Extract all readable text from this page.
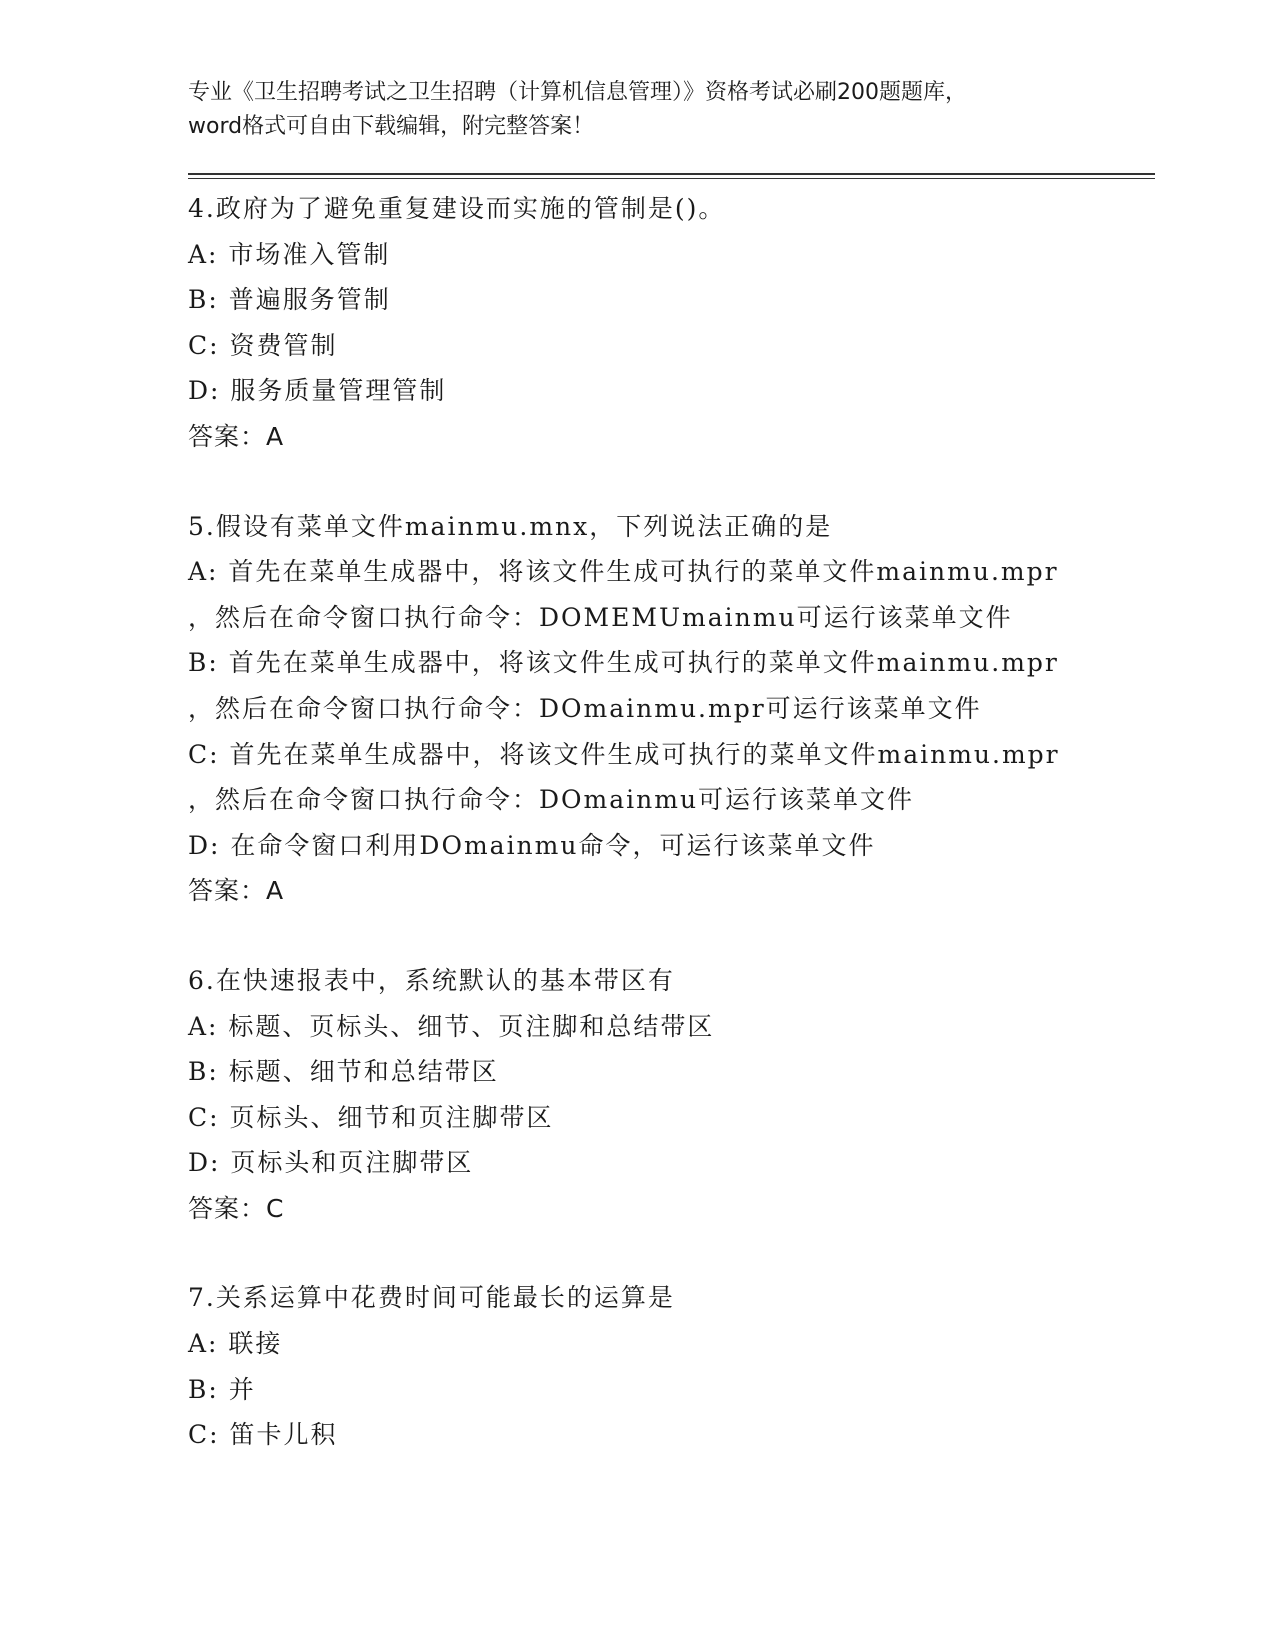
专业《卫生招聘考试之卫生招聘（计算机信息管理）》资格考试必刷200题题库，
word格式可自由下载编辑，附完整答案！
4.政府为了避免重复建设而实施的管制是()。
A: 市场准入管制
B: 普遍服务管制
C: 资费管制
D: 服务质量管理管制
答案：A
5.假设有菜单文件mainmu.mnx，下列说法正确的是
A: 首先在菜单生成器中，将该文件生成可执行的菜单文件mainmu.mpr
，然后在命令窗口执行命令：DOMEMUmainmu可运行该菜单文件
B: 首先在菜单生成器中，将该文件生成可执行的菜单文件mainmu.mpr
，然后在命令窗口执行命令：DOmainmu.mpr可运行该菜单文件
C: 首先在菜单生成器中，将该文件生成可执行的菜单文件mainmu.mpr
，然后在命令窗口执行命令：DOmainmu可运行该菜单文件
D: 在命令窗口利用DOmainmu命令，可运行该菜单文件
答案：A
6.在快速报表中，系统默认的基本带区有
A: 标题、页标头、细节、页注脚和总结带区
B: 标题、细节和总结带区
C: 页标头、细节和页注脚带区
D: 页标头和页注脚带区
答案：C
7.关系运算中花费时间可能最长的运算是
A: 联接
B: 并
C: 笛卡儿积
